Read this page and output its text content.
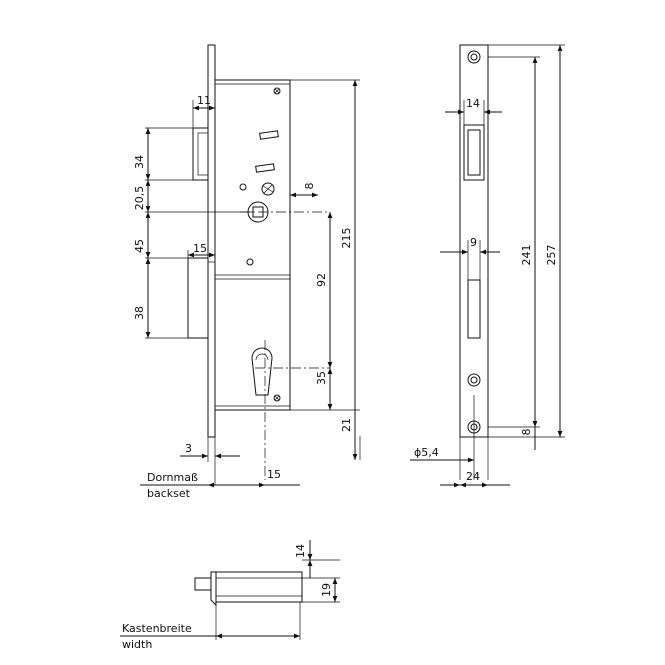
11
34
20,5
45	15
38
8
92
215
35
21
3
15
Dornmaß
backset
14
9
241 257
8
ϕ5,4
24
14
19
Kastenbreite
width
